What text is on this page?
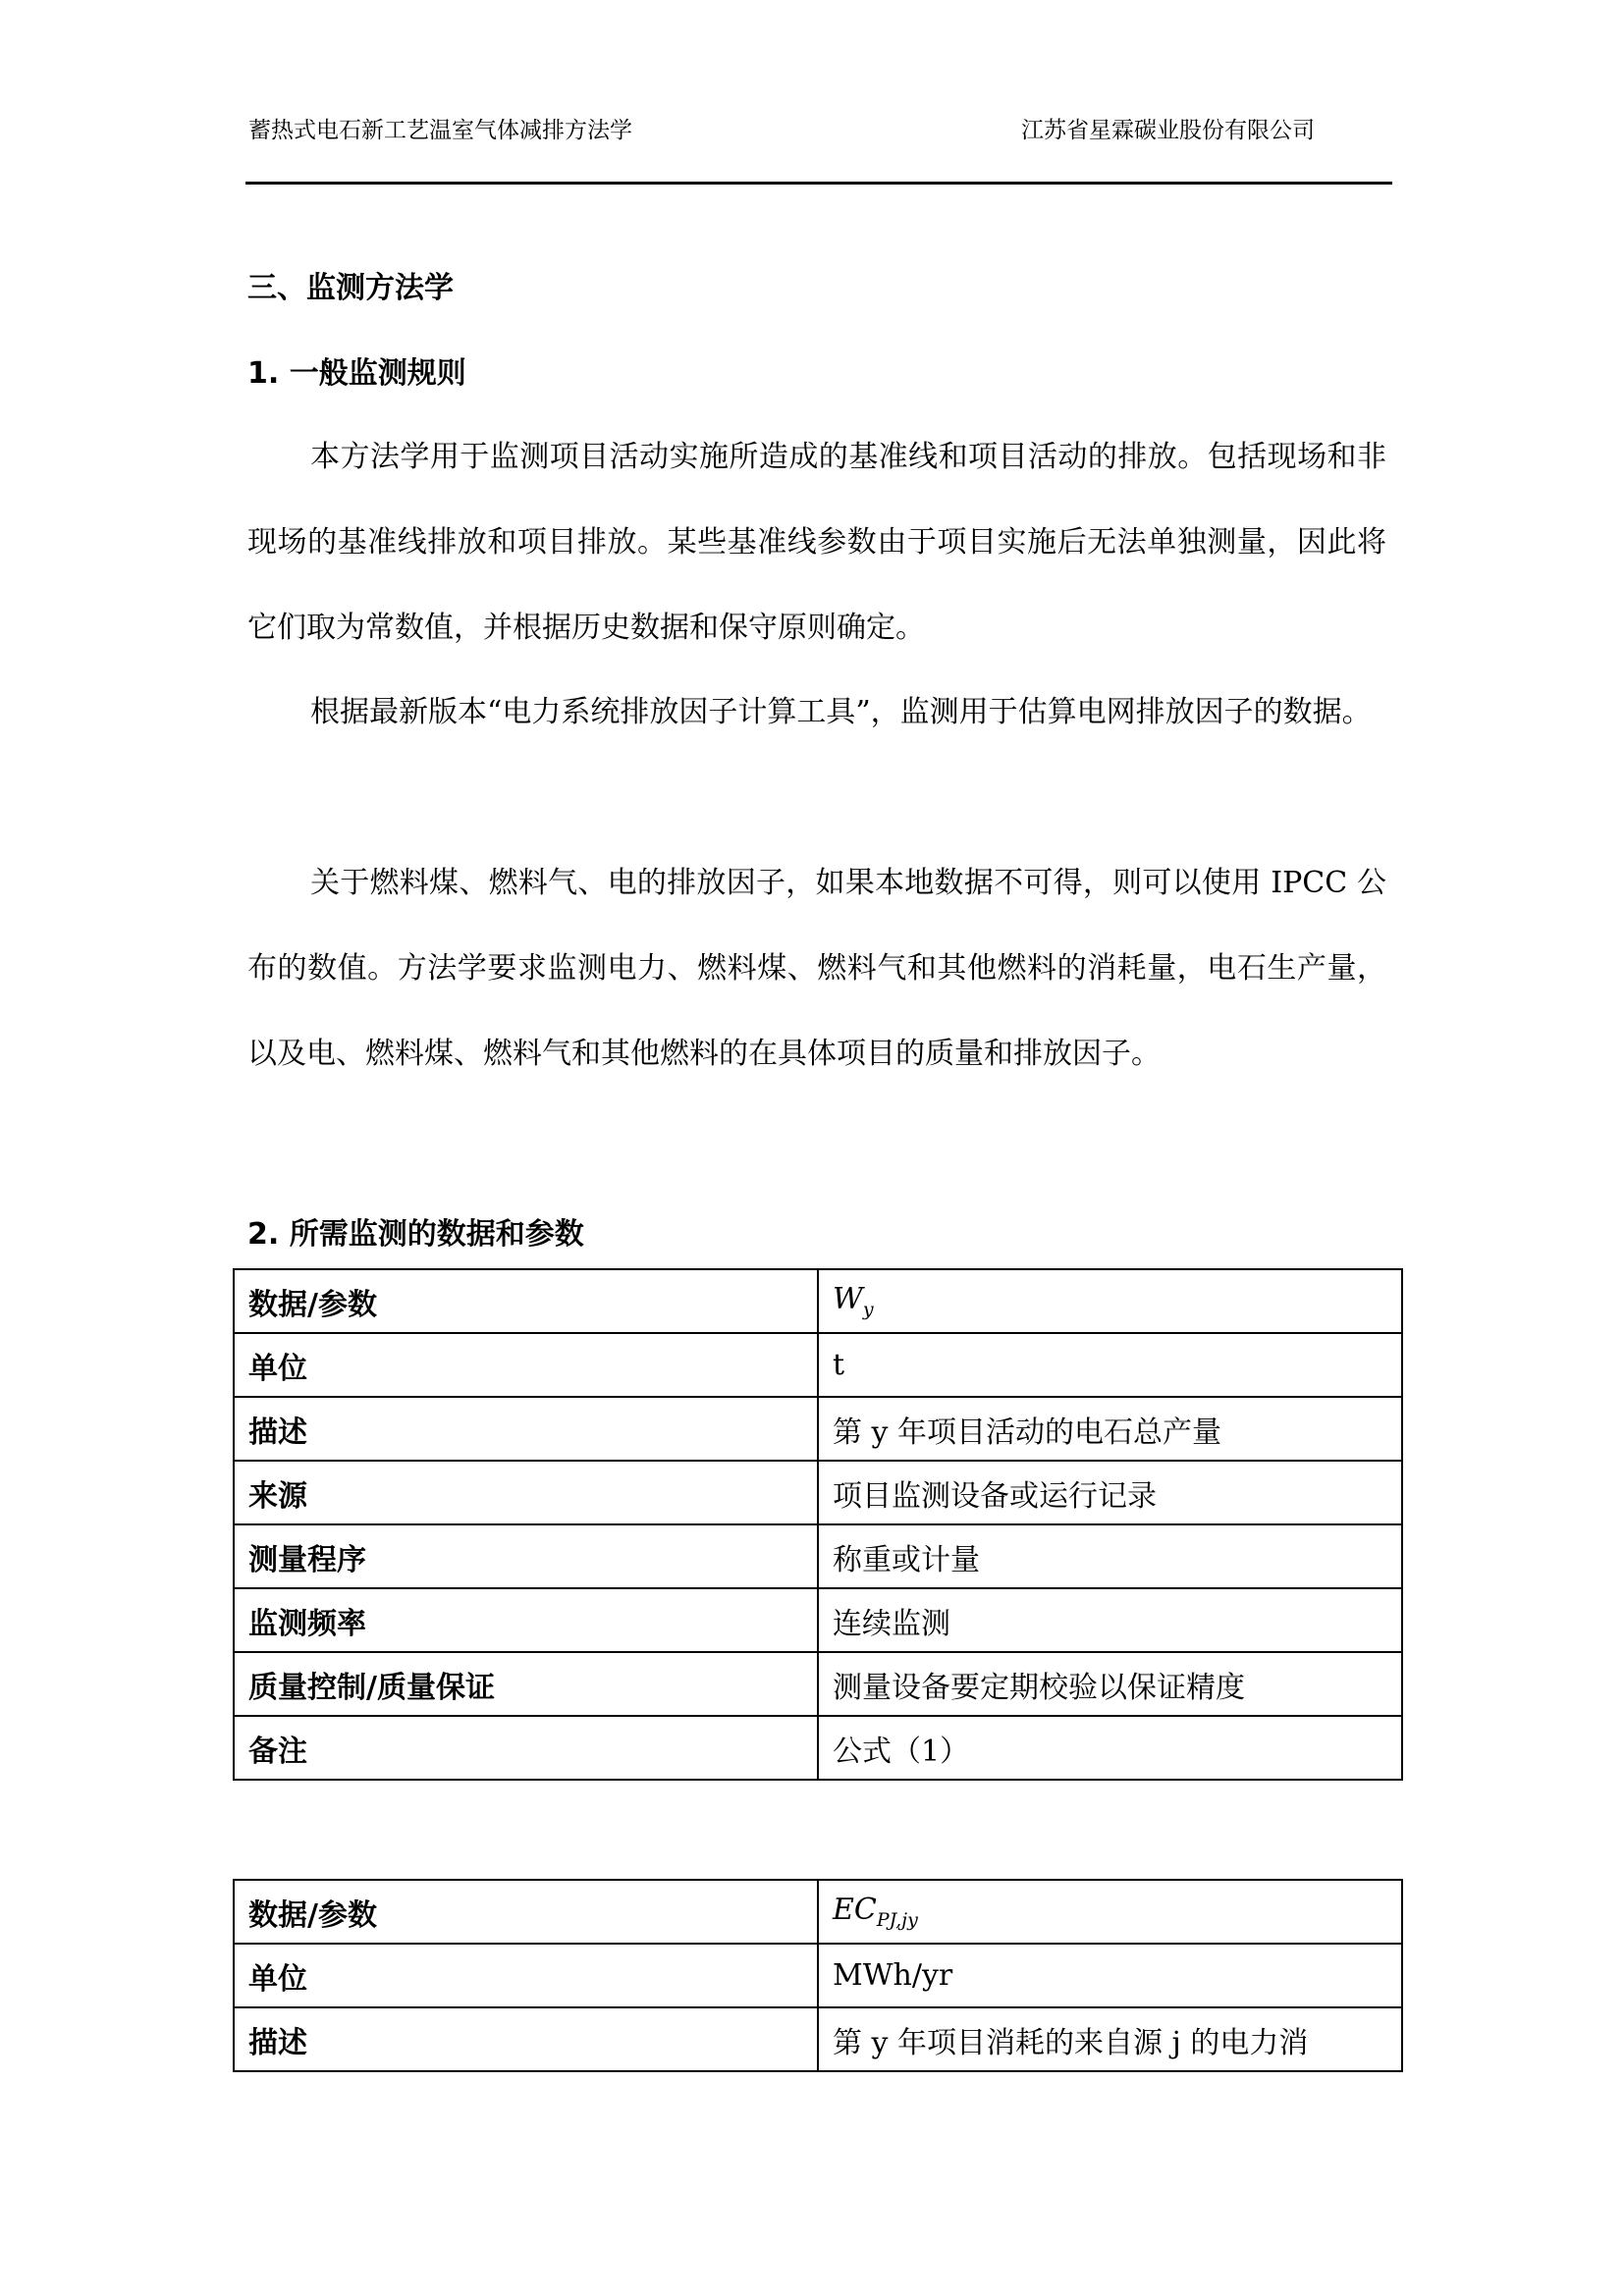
蓄热式电石新工艺温室气体减排方法学	江苏省星霖碳业股份有限公司
三、监测方法学
1. 一般监测规则

本方法学用于监测项目活动实施所造成的基准线和项目活动的排放。包括现场和非现场的基准线排放和项目排放。某些基准线参数由于项目实施后无法单独测量，因此将它们取为常数值，并根据历史数据和保守原则确定。

根据最新版本“电力系统排放因子计算工具”，监测用于估算电网排放因子的数据。

关于燃料煤、燃料气、电的排放因子，如果本地数据不可得，则可以使用 IPCC 公布的数值。方法学要求监测电力、燃料煤、燃料气和其他燃料的消耗量，电石生产量，以及电、燃料煤、燃料气和其他燃料的在具体项目的质量和排放因子。

2. 所需监测的数据和参数
数据/参数	$W_y$
单位	t
描述	第 y 年项目活动的电石总产量
来源	项目监测设备或运行记录
测量程序	称重或计量
监测频率	连续监测
质量控制/质量保证	测量设备要定期校验以保证精度
备注	公式（1）
数据/参数	$EC_{PJ,jy}$
单位	MWh/yr
描述	第 y 年项目消耗的来自源 j 的电力消
